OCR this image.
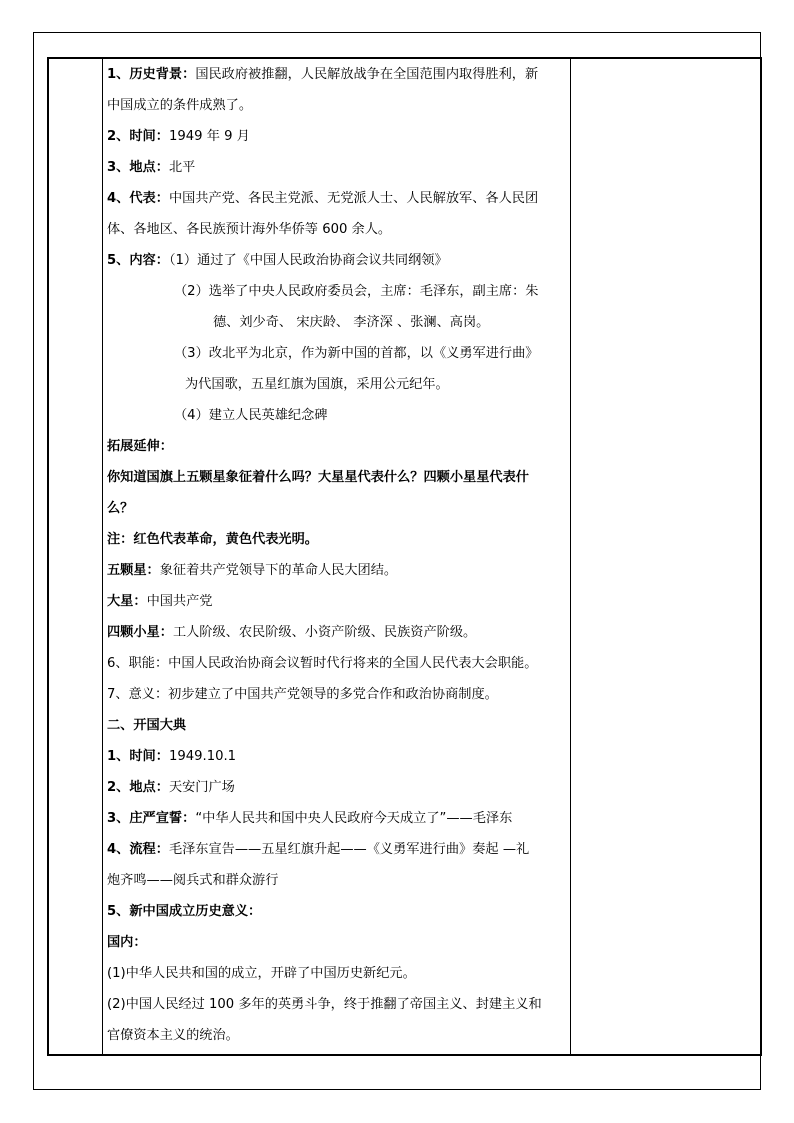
1、历史背景：国民政府被推翻，人民解放战争在全国范围内取得胜利，新
中国成立的条件成熟了。
2、时间：1949 年 9 月
3、地点：北平
4、代表：中国共产党、各民主党派、无党派人士、人民解放军、各人民团
体、各地区、各民族预计海外华侨等 600 余人。
5、内容：（1）通过了《中国人民政治协商会议共同纲领》
（2）选举了中央人民政府委员会，主席：毛泽东，副主席：朱
德、刘少奇、 宋庆龄、 李济深 、张澜、高岗。
（3）改北平为北京，作为新中国的首都，以《义勇军进行曲》
为代国歌，五星红旗为国旗，采用公元纪年。
（4）建立人民英雄纪念碑
拓展延伸：
你知道国旗上五颗星象征着什么吗？大星星代表什么？四颗小星星代表什
么？
注：红色代表革命，黄色代表光明。
五颗星：象征着共产党领导下的革命人民大团结。
大星：中国共产党
四颗小星：工人阶级、农民阶级、小资产阶级、民族资产阶级。
6、职能：中国人民政治协商会议暂时代行将来的全国人民代表大会职能。
7、意义：初步建立了中国共产党领导的多党合作和政治协商制度。
二、开国大典
1、时间：1949.10.1
2、地点：天安门广场
3、庄严宣誓：“中华人民共和国中央人民政府今天成立了”——毛泽东
4、流程：毛泽东宣告——五星红旗升起——《义勇军进行曲》奏起 —礼
炮齐鸣——阅兵式和群众游行
5、新中国成立历史意义：
国内：
(1)中华人民共和国的成立，开辟了中国历史新纪元。
(2)中国人民经过 100 多年的英勇斗争，终于推翻了帝国主义、封建主义和
官僚资本主义的统治。
